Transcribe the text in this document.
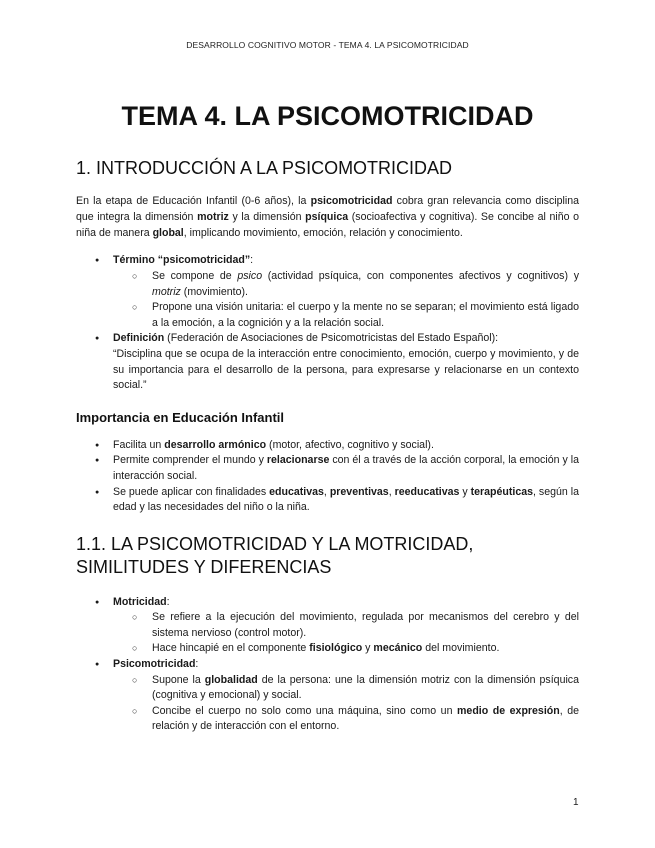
DESARROLLO COGNITIVO MOTOR - TEMA 4. LA PSICOMOTRICIDAD
TEMA 4. LA PSICOMOTRICIDAD
1. INTRODUCCIÓN A LA PSICOMOTRICIDAD

En la etapa de Educación Infantil (0-6 años), la psicomotricidad cobra gran relevancia como disciplina que integra la dimensión motriz y la dimensión psíquica (socioafectiva y cognitiva). Se concibe al niño o niña de manera global, implicando movimiento, emoción, relación y conocimiento.

● Término “psicomotricidad”:
○ Se compone de psico (actividad psíquica, con componentes afectivos y cognitivos) y motriz (movimiento).
○ Propone una visión unitaria: el cuerpo y la mente no se separan; el movimiento está ligado a la emoción, a la cognición y a la relación social.
● Definición (Federación de Asociaciones de Psicomotricistas del Estado Español):
“Disciplina que se ocupa de la interacción entre conocimiento, emoción, cuerpo y movimiento, y de su importancia para el desarrollo de la persona, para expresarse y relacionarse en un contexto social.”
Importancia en Educación Infantil
● Facilita un desarrollo armónico (motor, afectivo, cognitivo y social).
● Permite comprender el mundo y relacionarse con él a través de la acción corporal, la emoción y la interacción social.
● Se puede aplicar con finalidades educativas, preventivas, reeducativas y terapéuticas, según la edad y las necesidades del niño o la niña.
1.1. LA PSICOMOTRICIDAD Y LA MOTRICIDAD,
SIMILITUDES Y DIFERENCIAS
● Motricidad:
○ Se refiere a la ejecución del movimiento, regulada por mecanismos del cerebro y del sistema nervioso (control motor).
○ Hace hincapié en el componente fisiológico y mecánico del movimiento.
● Psicomotricidad:
○ Supone la globalidad de la persona: une la dimensión motriz con la dimensión psíquica (cognitiva y emocional) y social.
○ Concibe el cuerpo no solo como una máquina, sino como un medio de expresión, de relación y de interacción con el entorno.
1
